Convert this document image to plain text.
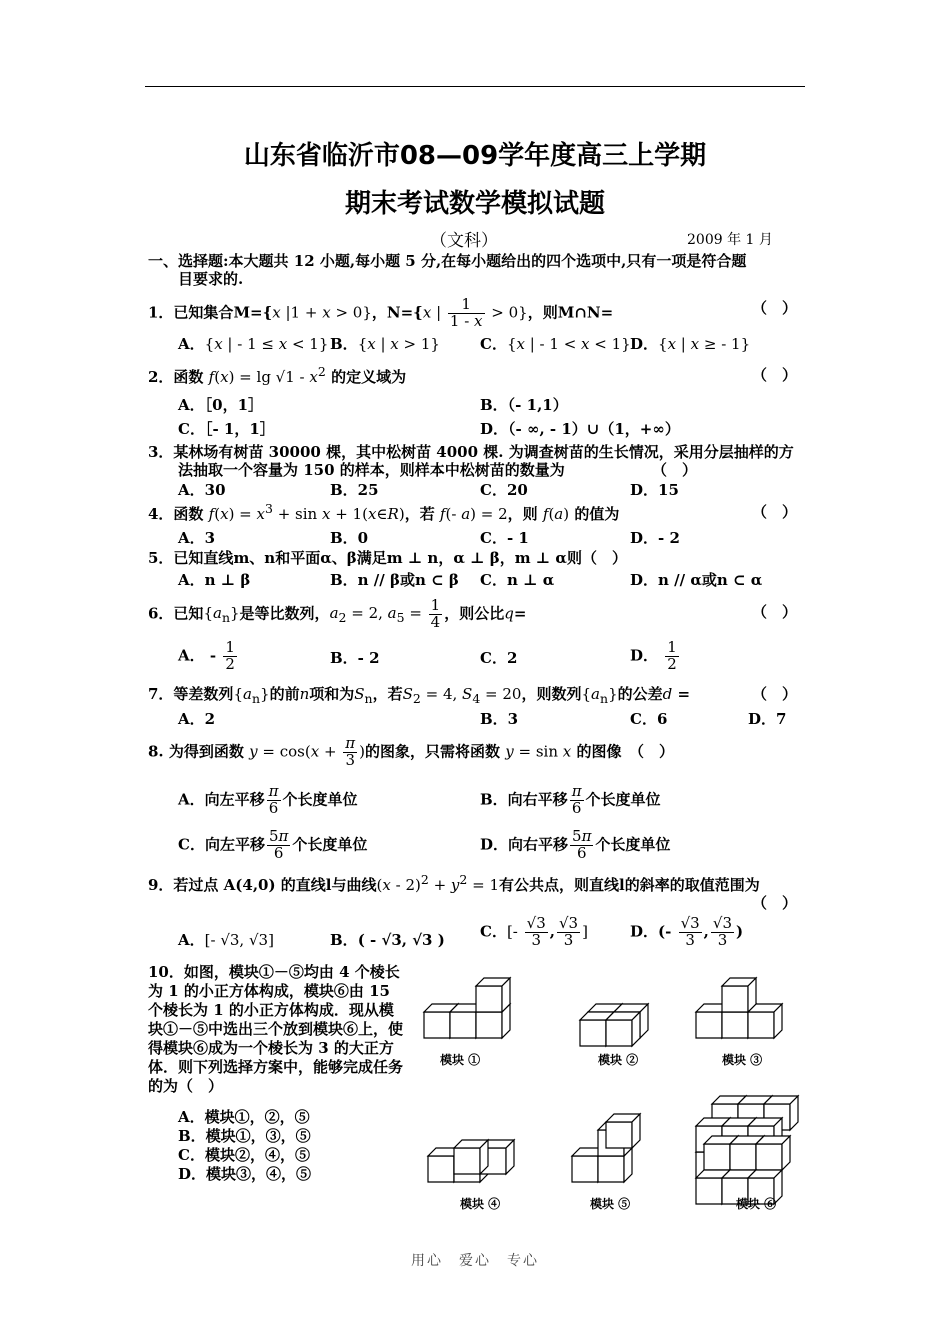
山东省临沂市08—09学年度高三上学期
期末考试数学模拟试题
（文科）	2009 年 1 月
一、选择题:本大题共 12 小题,每小题 5 分,在每小题给出的四个选项中,只有一项是符合题
目要求的.
1．已知集合M={x |1 + x > 0}，N={x | $\frac{1}{1 - x} > 0$}，则M∩N=	（　）
A．{x | - 1 ≤ x < 1} B．{x | x > 1}	C．{x | - 1 < x < 1} D．{x | x ≥ - 1}
2．函数 $f(x) = \lg √1 - x^2$ 的定义域为	（　）
A．［0，1］	B．（- 1,1）
C．［- 1，1］	D．（- ∞, - 1）∪（1，+∞）
3．某林场有树苗 30000 棵，其中松树苗 4000 棵. 为调查树苗的生长情况，采用分层抽样的方
法抽取一个容量为 150 的样本，则样本中松树苗的数量为	（　）
A．30	B．25	C．20	D．15
4．函数 $f(x) = x^3 + \sin x$ + 1(x∈R)，若 f(- a) = 2，则 f(a) 的值为	（　）
A．3	B．0	C．- 1	D．- 2
5．已知直线m、n和平面α、β满足m ⊥ n，α ⊥ β，m ⊥ α则（　）
A．n ⊥ β	B．n // β或n ⊂ β C．n ⊥ α	D．n // α或n ⊂ α
6．已知$\{a_n\}$是等比数列，$a_2 = 2$, $a_5 = \frac{1}{4}$ ，则公比q=	（　）
A． - $\frac{1}{2}$	B．- 2	C．2	D． $\frac{1}{2}$
7．等差数列$\{a_n\}$的前n项和为$S_n$，若$S_2 = 4$, $S_4 = 20$，则数列$\{a_n\}$的公差d =	（　）
A．2	B．3	C．6	D．7
8. 为得到函数 $y = \cos(x + \frac{\pi}{3}$ )的图象，只需将函数 y = sin x 的图像　（　）
A．向左平移 $\frac{\pi}{6}$ 个长度单位	B．向右平移 $\frac{\pi}{6}$ 个长度单位
C．向左平移 $\frac{5\pi}{6}$ 个长度单位	D．向右平移 $\frac{5\pi}{6}$ 个长度单位
9．若过点 A(4,0) 的直线l与曲线$(x - 2)^2 + y^2 = 1$有公共点，则直线l的斜率的取值范围为
（　）
A．[- √3, √3]	B．( - √3, √3 ) C．[- $\frac{√3}{3}$ , $\frac{√3}{3}$ ]	D．(- $\frac{√3}{3}$ , $\frac{√3}{3}$ )
10．如图，模块①－⑤均由 4 个棱长为 1 的小正方体构成，模块⑥由 15 个棱长为 1 的小正方体构成．现从模块①－⑤中选出三个放到模块⑥上，使得模块⑥成为一个棱长为 3 的大正方体．则下列选择方案中，能够完成任务的为（　）
A．模块①，②，⑤
B．模块①，③，⑤
C．模块②，④，⑤
D．模块③，④，⑤
模块 ①	模块 ②	模块 ③
模块 ④	模块 ⑤	模块 ⑥
用心　爱心　专心
